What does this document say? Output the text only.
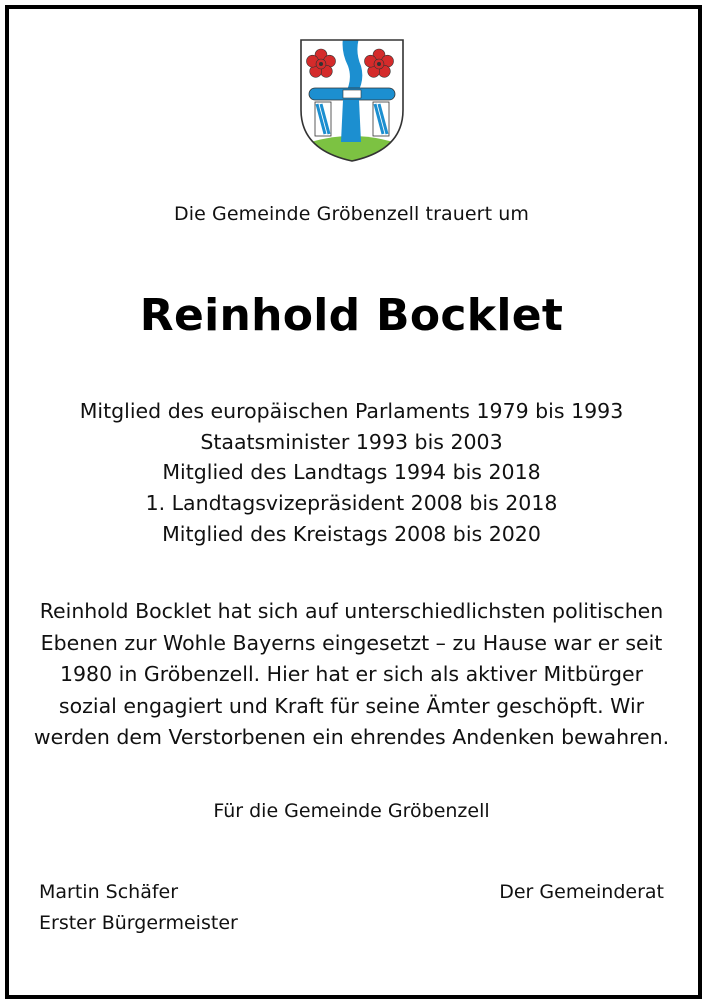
Die Gemeinde Gröbenzell trauert um
Reinhold Bocklet
Mitglied des europäischen Parlaments 1979 bis 1993
Staatsminister 1993 bis 2003
Mitglied des Landtags 1994 bis 2018
1. Landtagsvizepräsident 2008 bis 2018
Mitglied des Kreistags 2008 bis 2020
Reinhold Bocklet hat sich auf unterschiedlichsten politischen
Ebenen zur Wohle Bayerns eingesetzt – zu Hause war er seit
1980 in Gröbenzell. Hier hat er sich als aktiver Mitbürger
sozial engagiert und Kraft für seine Ämter geschöpft. Wir
werden dem Verstorbenen ein ehrendes Andenken bewahren.
Für die Gemeinde Gröbenzell
Martin Schäfer
Erster Bürgermeister
Der Gemeinderat
